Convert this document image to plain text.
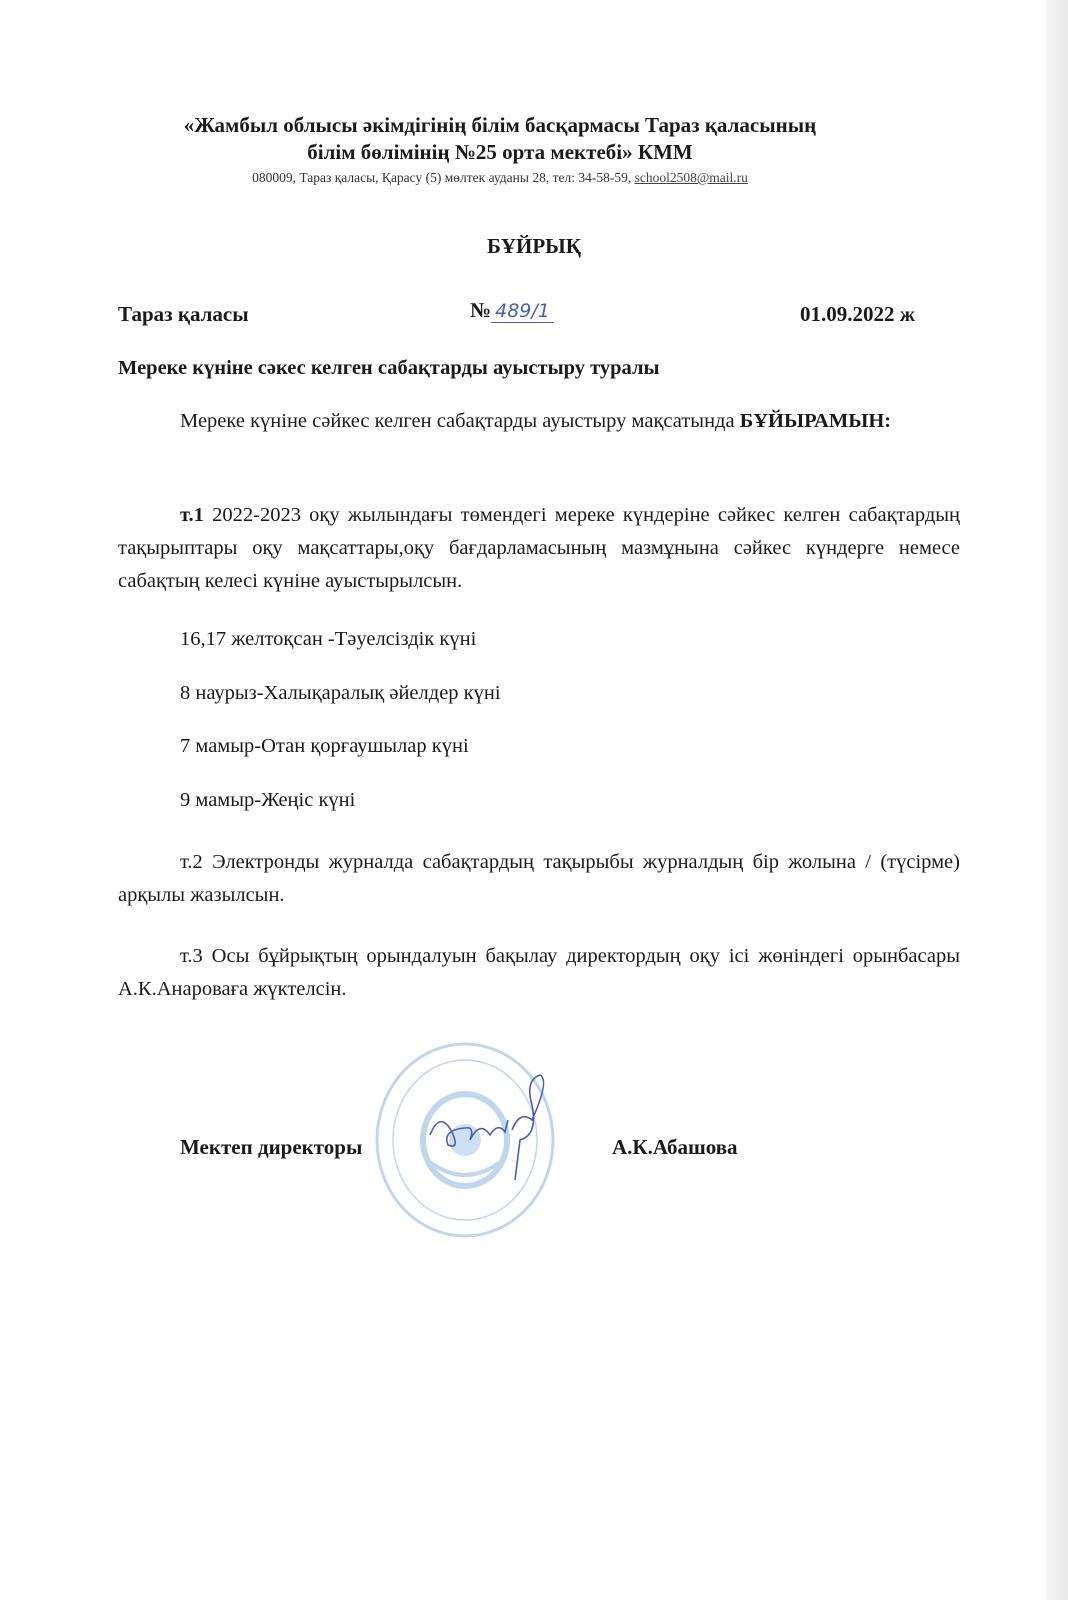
«Жамбыл облысы әкімдігінің білім басқармасы Тараз қаласының
білім бөлімінің №25 орта мектебі» КММ
080009, Тараз қаласы, Қарасу (5) мөлтек ауданы 28, тел: 34-58-59, school2508@mail.ru
БҰЙРЫҚ
Тараз қаласы	№ 489/1	01.09.2022 ж
Мереке күніне сәкес келген сабақтарды ауыстыру туралы
Мереке күніне сәйкес келген сабақтарды ауыстыру мақсатында БҰЙЫРАМЫН:
т.1 2022-2023 оқу жылындағы төмендегі мереке күндеріне сәйкес келген сабақтардың тақырыптары оқу мақсаттары,оқу бағдарламасының мазмұнына сәйкес күндерге немесе сабақтың келесі күніне ауыстырылсын.
16,17 желтоқсан -Тәуелсіздік күні
8 наурыз-Халықаралық әйелдер күні
7 мамыр-Отан қорғаушылар күні
9 мамыр-Жеңіс күні
т.2 Электронды журналда сабақтардың тақырыбы журналдың бір жолына / (түсірме) арқылы жазылсын.
т.3 Осы бұйрықтың орындалуын бақылау директордың оқу ісі жөніндегі орынбасары А.К.Анароваға жүктелсін.
Мектеп директоры	А.К.Абашова
